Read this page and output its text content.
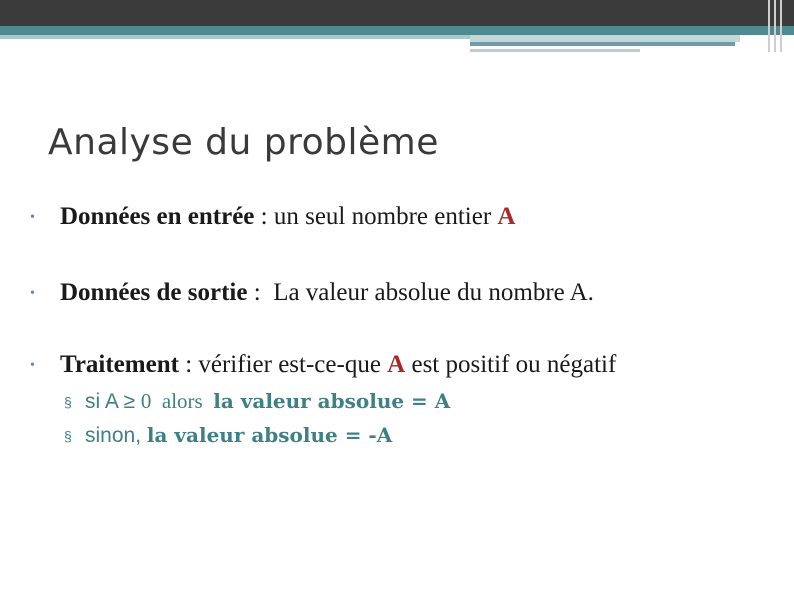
Analyse du problème
• Données en entrée : un seul nombre entier A
• Données de sortie :  La valeur absolue du nombre A.
• Traitement : vérifier est-ce-que A est positif ou négatif
§ si A ≥ 0  alors  la valeur absolue = A
§ sinon, la valeur absolue = -A
